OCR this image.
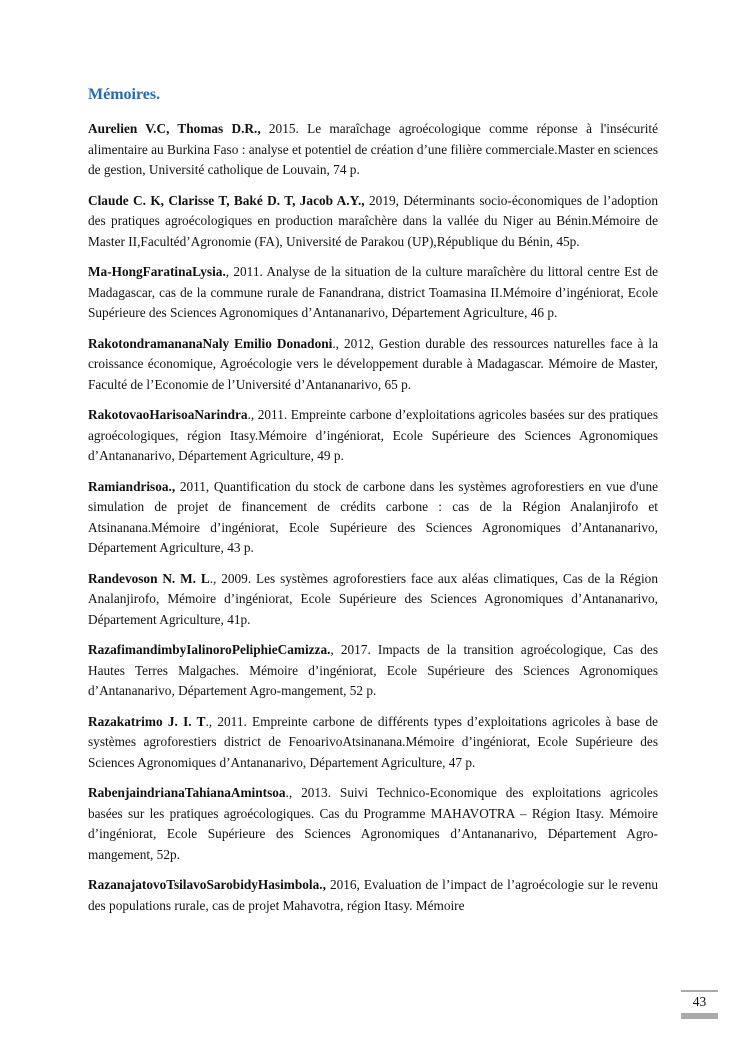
Mémoires.

Aurelien V.C, Thomas D.R., 2015. Le maraîchage agroécologique comme réponse à l'insécurité alimentaire au Burkina Faso : analyse et potentiel de création d’une filière commerciale.Master en sciences de gestion, Université catholique de Louvain, 74 p.

Claude C. K, Clarisse T, Baké D. T, Jacob A.Y., 2019, Déterminants socio-économiques de l’adoption des pratiques agroécologiques en production maraîchère dans la vallée du Niger au Bénin.Mémoire de Master II,Facultéd’Agronomie (FA), Université de Parakou (UP),République du Bénin, 45p.

Ma-HongFaratinaLysia., 2011. Analyse de la situation de la culture maraîchère du littoral centre Est de Madagascar, cas de la commune rurale de Fanandrana, district Toamasina II.Mémoire d’ingéniorat, Ecole Supérieure des Sciences Agronomiques d’Antananarivo, Département Agriculture, 46 p.

RakotondramananaNaly Emilio Donadoni., 2012, Gestion durable des ressources naturelles face à la croissance économique, Agroécologie vers le développement durable à Madagascar. Mémoire de Master, Faculté de l’Economie de l’Université d’Antananarivo, 65 p.

RakotovaoHarisoaNarindra., 2011. Empreinte carbone d’exploitations agricoles basées sur des pratiques agroécologiques, région Itasy.Mémoire d’ingéniorat, Ecole Supérieure des Sciences Agronomiques d’Antananarivo, Département Agriculture, 49 p.

Ramiandrisoa., 2011, Quantification du stock de carbone dans les systèmes agroforestiers en vue d'une simulation de projet de financement de crédits carbone : cas de la Région Analanjirofo et Atsinanana.Mémoire d’ingéniorat, Ecole Supérieure des Sciences Agronomiques d’Antananarivo, Département Agriculture, 43 p.

Randevoson N. M. L., 2009. Les systèmes agroforestiers face aux aléas climatiques, Cas de la Région Analanjirofo, Mémoire d’ingéniorat, Ecole Supérieure des Sciences Agronomiques d’Antananarivo, Département Agriculture, 41p.

RazafimandimbyIalinoroPeliphieCamizza., 2017. Impacts de la transition agroécologique, Cas des Hautes Terres Malgaches. Mémoire d’ingéniorat, Ecole Supérieure des Sciences Agronomiques d’Antananarivo, Département Agro-mangement, 52 p.

Razakatrimo J. I. T., 2011. Empreinte carbone de différents types d’exploitations agricoles à base de systèmes agroforestiers district de FenoarivoAtsinanana.Mémoire d’ingéniorat, Ecole Supérieure des Sciences Agronomiques d’Antananarivo, Département Agriculture, 47 p.

RabenjaindrianaTahianaAmintsoa., 2013. Suivi Technico-Economique des exploitations agricoles basées sur les pratiques agroécologiques. Cas du Programme MAHAVOTRA – Région Itasy. Mémoire d’ingéniorat, Ecole Supérieure des Sciences Agronomiques d’Antananarivo, Département Agro-mangement, 52p.

RazanajatovoTsilavoSarobidyHasimbola., 2016, Evaluation de l’impact de l’agroécologie sur le revenu des populations rurale, cas de projet Mahavotra, région Itasy. Mémoire

43
